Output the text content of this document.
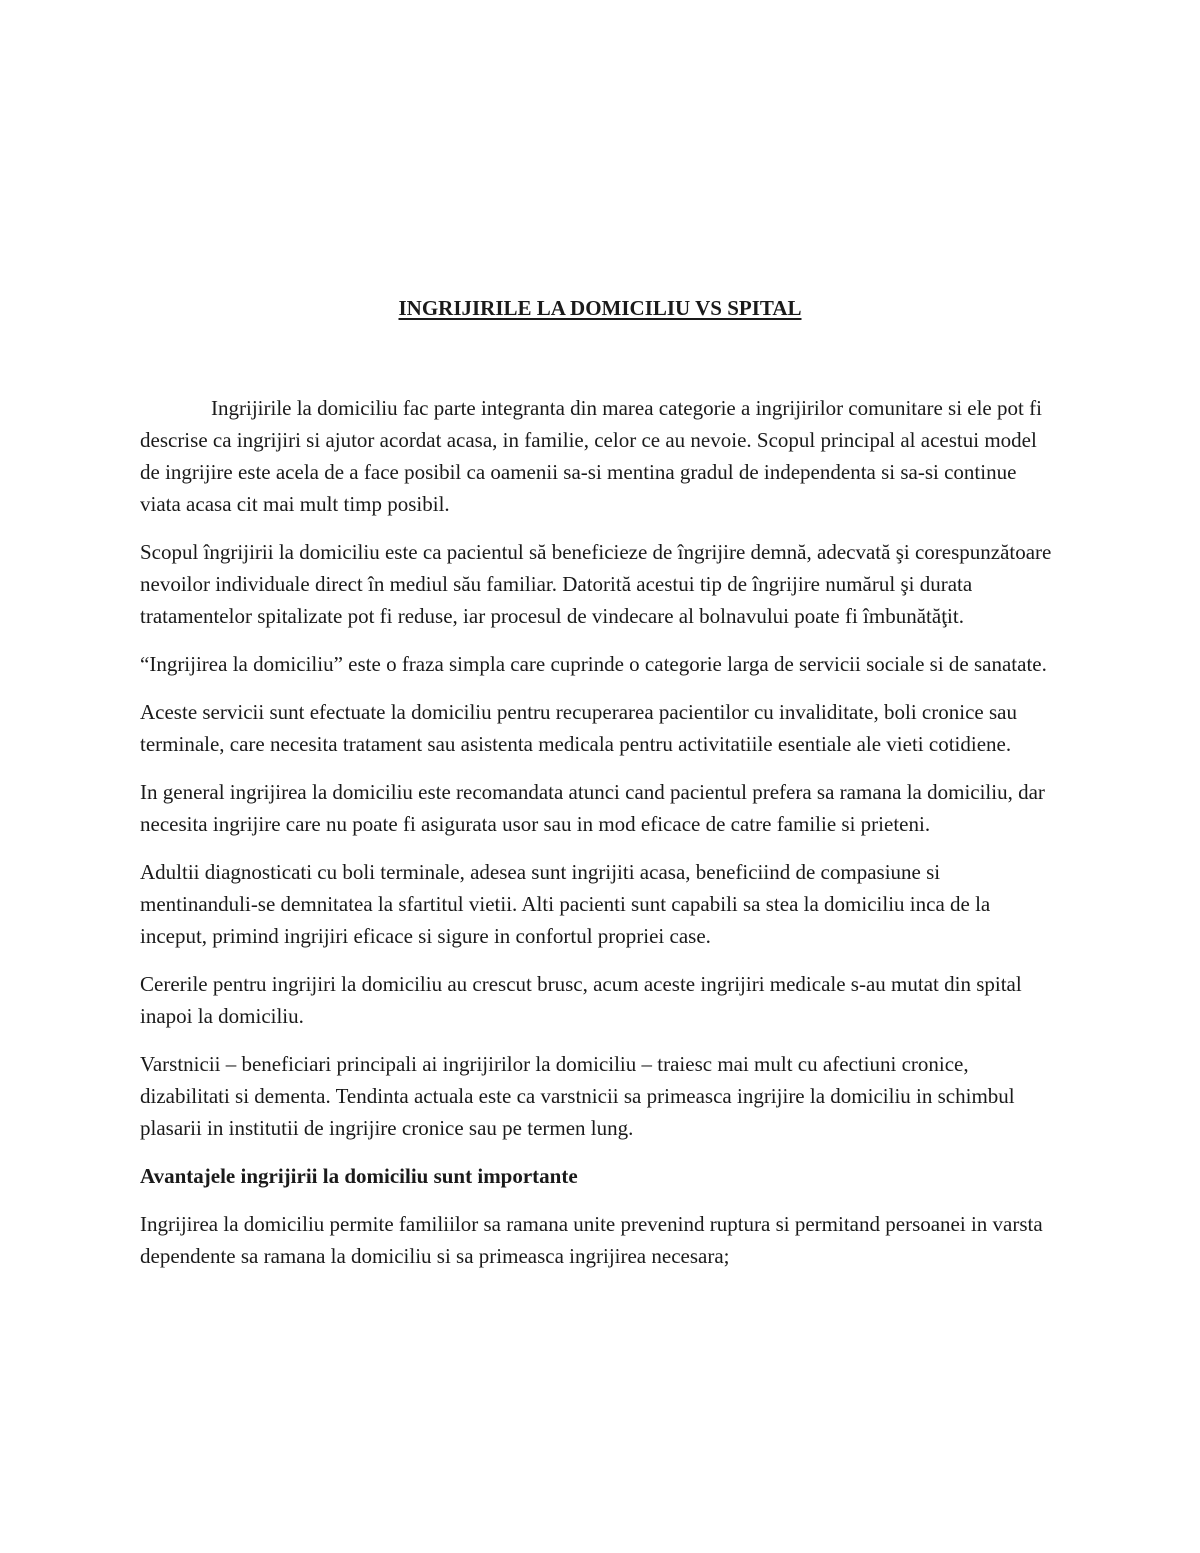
INGRIJIRILE LA DOMICILIU VS SPITAL

Ingrijirile la domiciliu fac parte integranta din marea categorie a ingrijirilor comunitare si ele pot fi descrise ca ingrijiri si ajutor acordat acasa, in familie, celor ce au nevoie. Scopul principal al acestui model de ingrijire este acela de a face posibil ca oamenii sa-si mentina gradul de independenta si sa-si continue viata acasa cit mai mult timp posibil.

Scopul îngrijirii la domiciliu este ca pacientul să beneficieze de îngrijire demnă, adecvată şi corespunzătoare nevoilor individuale direct în mediul său familiar. Datorită acestui tip de îngrijire numărul şi durata tratamentelor spitalizate pot fi reduse, iar procesul de vindecare al bolnavului poate fi îmbunătăţit.

“Ingrijirea la domiciliu” este o fraza simpla care cuprinde o categorie larga de servicii sociale si de sanatate.

Aceste servicii sunt efectuate la domiciliu pentru recuperarea pacientilor cu invaliditate, boli cronice sau terminale, care necesita tratament sau asistenta medicala pentru activitatiile esentiale ale vieti cotidiene.

In general ingrijirea la domiciliu este recomandata atunci cand pacientul prefera sa ramana la domiciliu, dar necesita ingrijire care nu poate fi asigurata usor sau in mod eficace de catre familie si prieteni.

Adultii diagnosticati cu boli terminale, adesea sunt ingrijiti acasa, beneficiind de compasiune si mentinanduli-se demnitatea la sfartitul vietii. Alti pacienti sunt capabili sa stea la domiciliu inca de la inceput, primind ingrijiri eficace si sigure in confortul propriei case.

Cererile pentru ingrijiri la domiciliu au crescut brusc, acum aceste ingrijiri medicale s-au mutat din spital inapoi la domiciliu.

Varstnicii – beneficiari principali ai ingrijirilor la domiciliu – traiesc mai mult cu afectiuni cronice, dizabilitati si dementa. Tendinta actuala este ca varstnicii sa primeasca ingrijire la domiciliu in schimbul plasarii in institutii de ingrijire cronice sau pe termen lung.

Avantajele ingrijirii la domiciliu sunt importante

Ingrijirea la domiciliu permite familiilor sa ramana unite prevenind ruptura si permitand persoanei in varsta dependente sa ramana la domiciliu si sa primeasca ingrijirea necesara;
